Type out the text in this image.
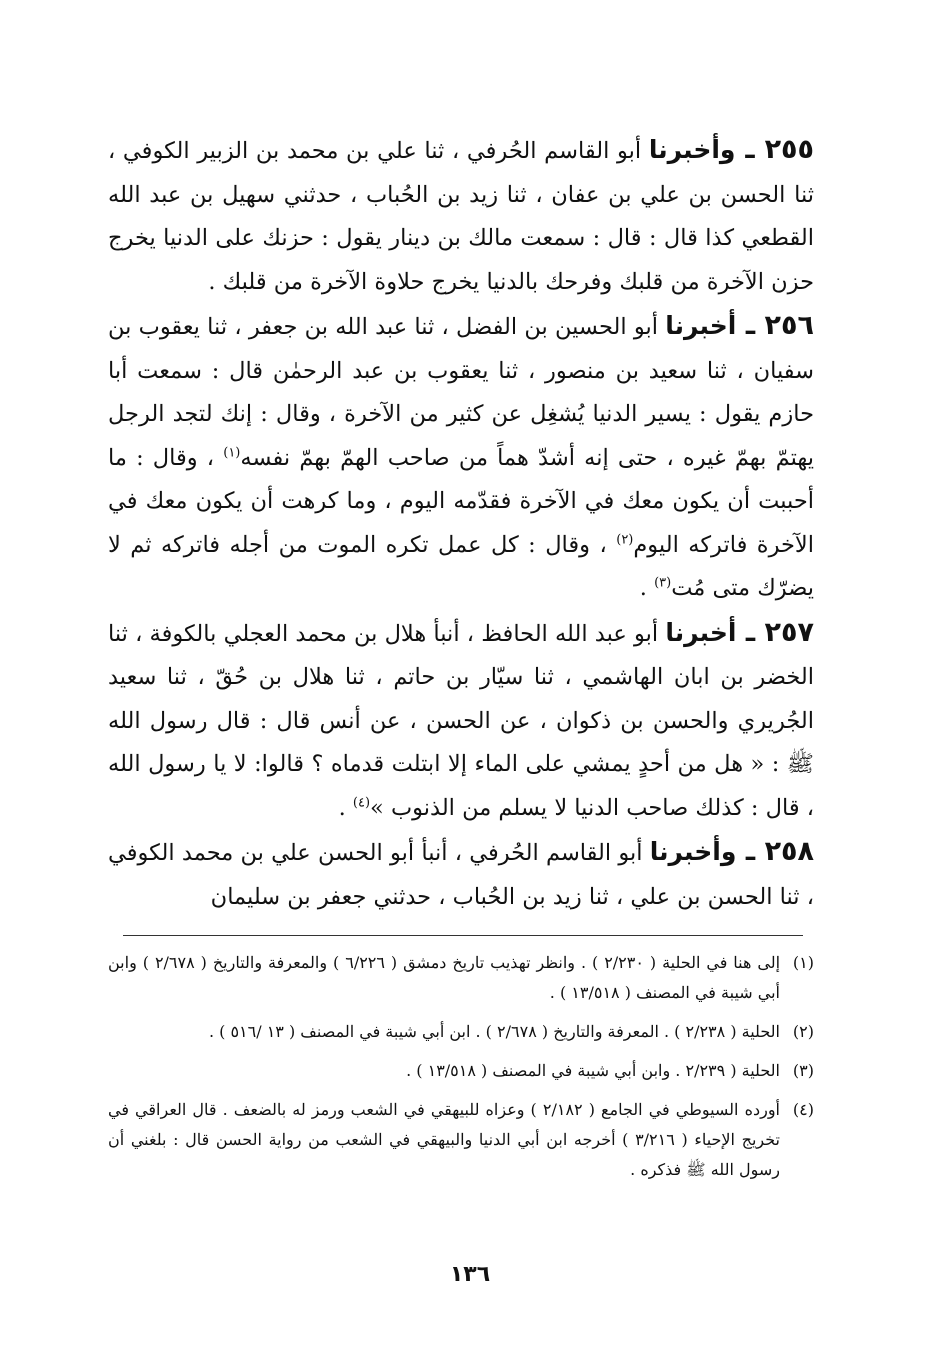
٢٥٥ ـ وأخبرنا أبو القاسم الحُرفي ، ثنا علي بن محمد بن الزبير الكوفي ، ثنا الحسن بن علي بن عفان ، ثنا زيد بن الحُباب ، حدثني سهيل بن عبد الله القطعي كذا قال : قال : سمعت مالك بن دينار يقول : حزنك على الدنيا يخرج حزن الآخرة من قلبك وفرحك بالدنيا يخرج حلاوة الآخرة من قلبك .

٢٥٦ ـ أخبرنا أبو الحسين بن الفضل ، ثنا عبد الله بن جعفر ، ثنا يعقوب بن سفيان ، ثنا سعيد بن منصور ، ثنا يعقوب بن عبد الرحمٰن قال : سمعت أبا حازم يقول : يسير الدنيا يُشغِل عن كثير من الآخرة ، وقال : إنك لتجد الرجل يهتمّ بهمّ غيره ، حتى إنه أشدّ هماً من صاحب الهمّ بهمّ نفسه$^{(١)}$ ، وقال : ما أحببت أن يكون معك في الآخرة فقدّمه اليوم ، وما كرهت أن يكون معك في الآخرة فاتركه اليوم$^{(٢)}$ ، وقال : كل عمل تكره الموت من أجله فاتركه ثم لا يضرّك متى مُت$^{(٣)}$ .

٢٥٧ ـ أخبرنا أبو عبد الله الحافظ ، أنبأ هلال بن محمد العجلي بالكوفة ، ثنا الخضر بن ابان الهاشمي ، ثنا سيّار بن حاتم ، ثنا هلال بن حُقّ ، ثنا سعيد الجُريري والحسن بن ذكوان ، عن الحسن ، عن أنس قال : قال رسول الله ﷺ : « هل من أحدٍ يمشي على الماء إلا ابتلت قدماه ؟ قالوا: لا يا رسول الله ، قال : كذلك صاحب الدنيا لا يسلم من الذنوب »$^{(٤)}$ .

٢٥٨ ـ وأخبرنا أبو القاسم الحُرفي ، أنبأ أبو الحسن علي بن محمد الكوفي ، ثنا الحسن بن علي ، ثنا زيد بن الحُباب ، حدثني جعفر بن سليمان

(١)
إلى هنا في الحلية ( ٢/٢٣٠ ) . وانظر تهذيب تاريخ دمشق ( ٦/٢٢٦ ) والمعرفة والتاريخ ( ٢/٦٧٨ ) وابن أبي شيبة في المصنف ( ١٣/٥١٨ ) .
(٢)
الحلية ( ٢/٢٣٨ ) . المعرفة والتاريخ ( ٢/٦٧٨ ) . ابن أبي شيبة في المصنف ( ١٣ /٥١٦ ) .
(٣)
الحلية ( ٢/٢٣٩ . وابن أبي شيبة في المصنف ( ١٣/٥١٨ ) .
(٤)
أورده السيوطي في الجامع ( ٢/١٨٢ ) وعزاه للبيهقي في الشعب ورمز له بالضعف . قال العراقي في تخريج الإحياء ( ٣/٢١٦ ) أخرجه ابن أبي الدنيا والبيهقي في الشعب من رواية الحسن قال : بلغني أن رسول الله ﷺ فذكره .
١٣٦
